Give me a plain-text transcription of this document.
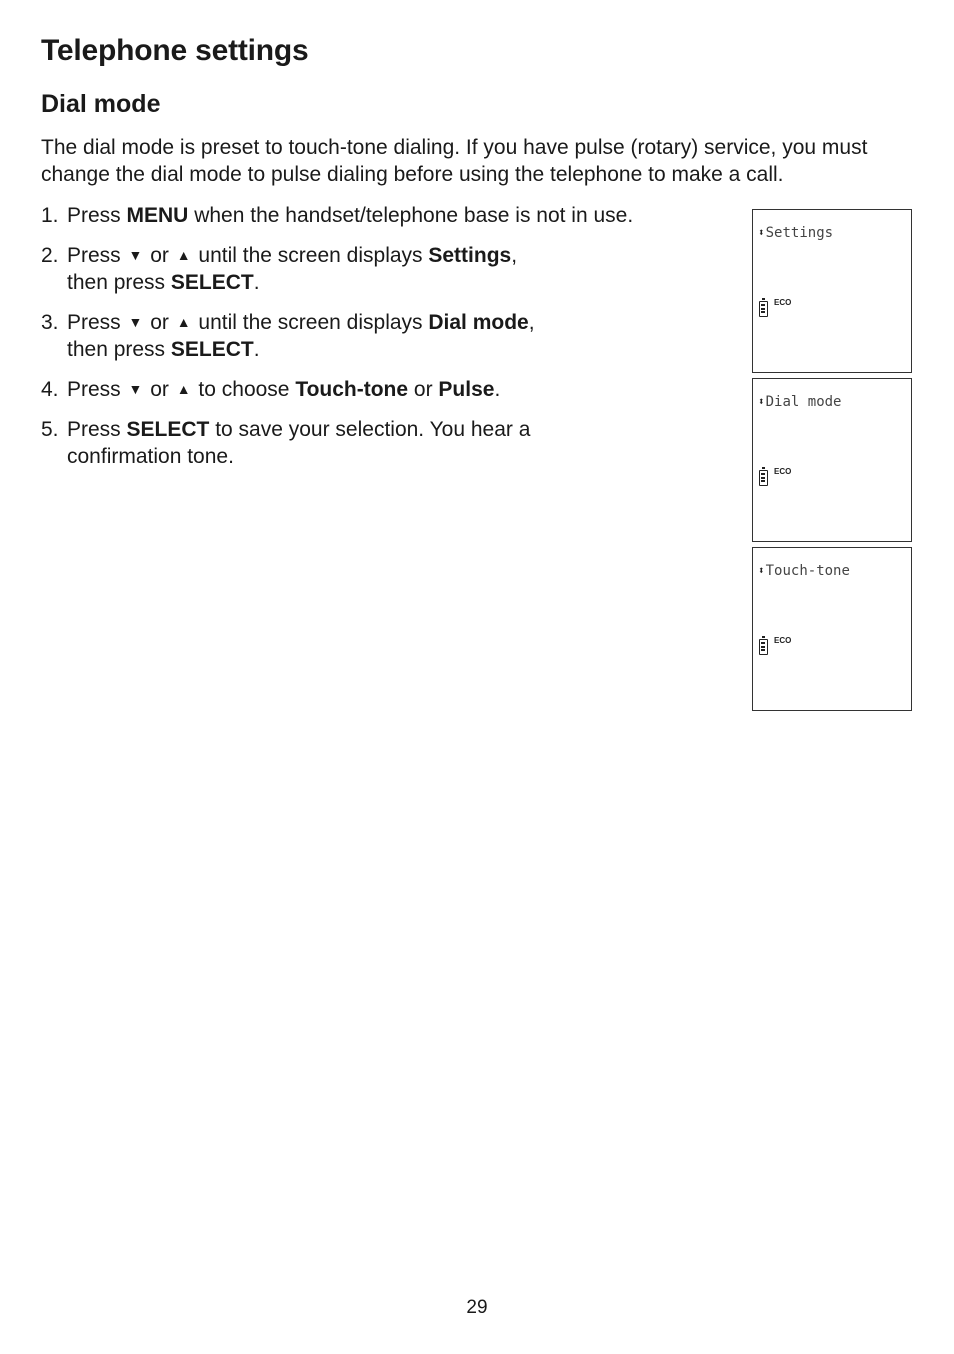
Telephone settings
Dial mode

The dial mode is preset to touch-tone dialing. If you have pulse (rotary) service, you must change the dial mode to pulse dialing before using the telephone to make a call.

1. Press MENU when the handset/telephone base is not in use.
2. Press ▼ or ▲ until the screen displays Settings,
then press SELECT.
3. Press ▼ or ▲ until the screen displays Dial mode,
then press SELECT.
4. Press ▼ or ▲ to choose Touch-tone or Pulse.
5. Press SELECT to save your selection. You hear a
confirmation tone.
⬍Settings
ECO
⬍Dial mode
ECO
⬍Touch-tone
ECO
29
